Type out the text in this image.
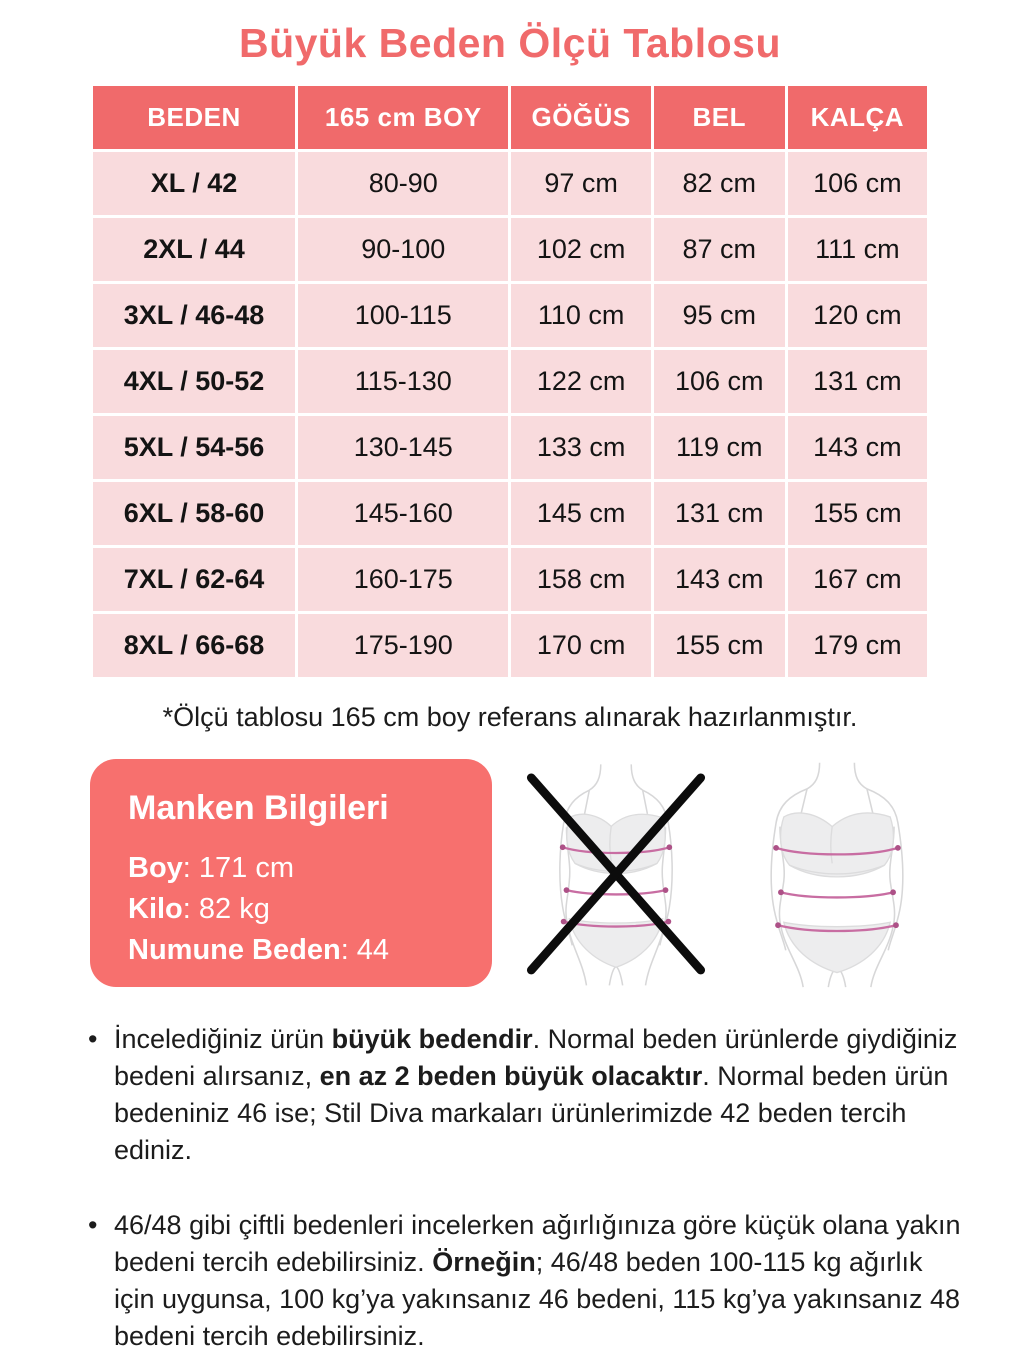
Büyük Beden Ölçü Tablosu
BEDEN	165 cm BOY	GÖĞÜS	BEL	KALÇA
XL / 42	80-90	97 cm	82 cm	106 cm
2XL / 44	90-100	102 cm	87 cm	111 cm
3XL / 46-48	100-115	110 cm	95 cm	120 cm
4XL / 50-52	115-130	122 cm	106 cm	131 cm
5XL / 54-56	130-145	133 cm	119 cm	143 cm
6XL / 58-60	145-160	145 cm	131 cm	155 cm
7XL / 62-64	160-175	158 cm	143 cm	167 cm
8XL / 66-68	175-190	170 cm	155 cm	179 cm

*Ölçü tablosu 165 cm boy referans alınarak hazırlanmıştır.

Manken Bilgileri
Boy: 171 cm
Kilo: 82 kg
Numune Beden: 44
• İncelediğiniz ürün büyük bedendir. Normal beden ürünlerde giydiğiniz bedeni alırsanız, en az 2 beden büyük olacaktır. Normal beden ürün bedeniniz 46 ise; Stil Diva markaları ürünlerimizde 42 beden tercih ediniz.
• 46/48 gibi çiftli bedenleri incelerken ağırlığınıza göre küçük olana yakın bedeni tercih edebilirsiniz. Örneğin; 46/48 beden 100-115 kg ağırlık için uygunsa, 100 kg’ya yakınsanız 46 bedeni, 115 kg’ya yakınsanız 48 bedeni tercih edebilirsiniz.
